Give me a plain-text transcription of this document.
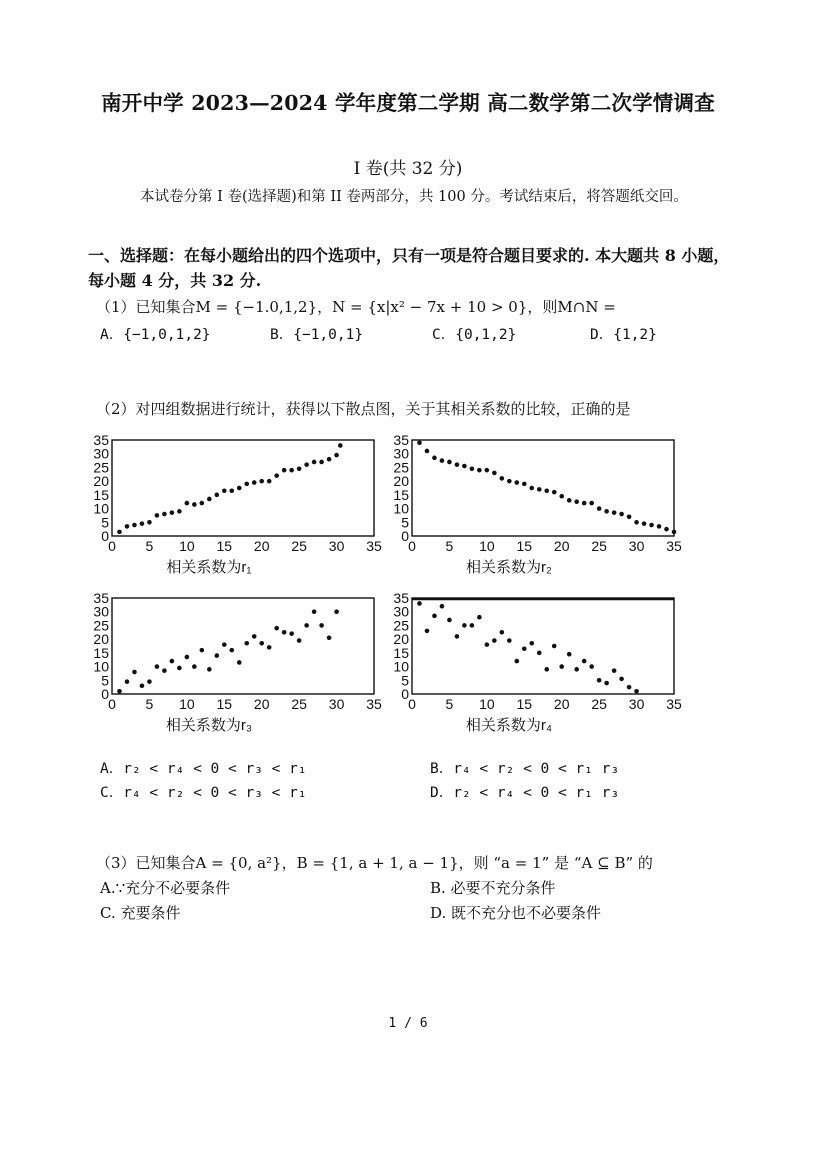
南开中学 2023—2024 学年度第二学期 高二数学第二次学情调查
I 卷(共 32 分)
本试卷分第 I 卷(选择题)和第 II 卷两部分，共 100 分。考试结束后，将答题纸交回。
一、选择题：在每小题给出的四个选项中，只有一项是符合题目要求的. 本大题共 8 小题，
每小题 4 分，共 32 分.
（1）已知集合M = {−1.0,1,2}，N = {x|x² − 7x + 10 > 0}，则M∩N =
A．{−1,0,1,2}	B．{−1,0,1}	C．{0,1,2}	D．{1,2}
（2）对四组数据进行统计，获得以下散点图，关于其相关系数的比较，正确的是
0 5 10 15 20 25 30 35
0
5
10
15
20
25
30
35
相关系数为r₁
0 5 10 15 20 25 30 35
0
5
10
15
20
25
30
35
相关系数为r₂
0 5 10 15 20 25 30 35
0
5
10
15
20
25
30
35
相关系数为r₃
0 5 10 15 20 25 30 35
0
5
10
15
20
25
30
35
相关系数为r₄
A．r₂ < r₄ < 0 < r₃ < r₁	B．r₄ < r₂ < 0 < r₁ r₃
C．r₄ < r₂ < 0 < r₃ < r₁	D．r₂ < r₄ < 0 < r₁ r₃
（3）已知集合A = {0, a²}，B = {1, a + 1, a − 1}，则 “a = 1” 是 “A ⊆ B” 的
A.∵充分不必要条件	B. 必要不充分条件
C. 充要条件	D. 既不充分也不必要条件
1 / 6
